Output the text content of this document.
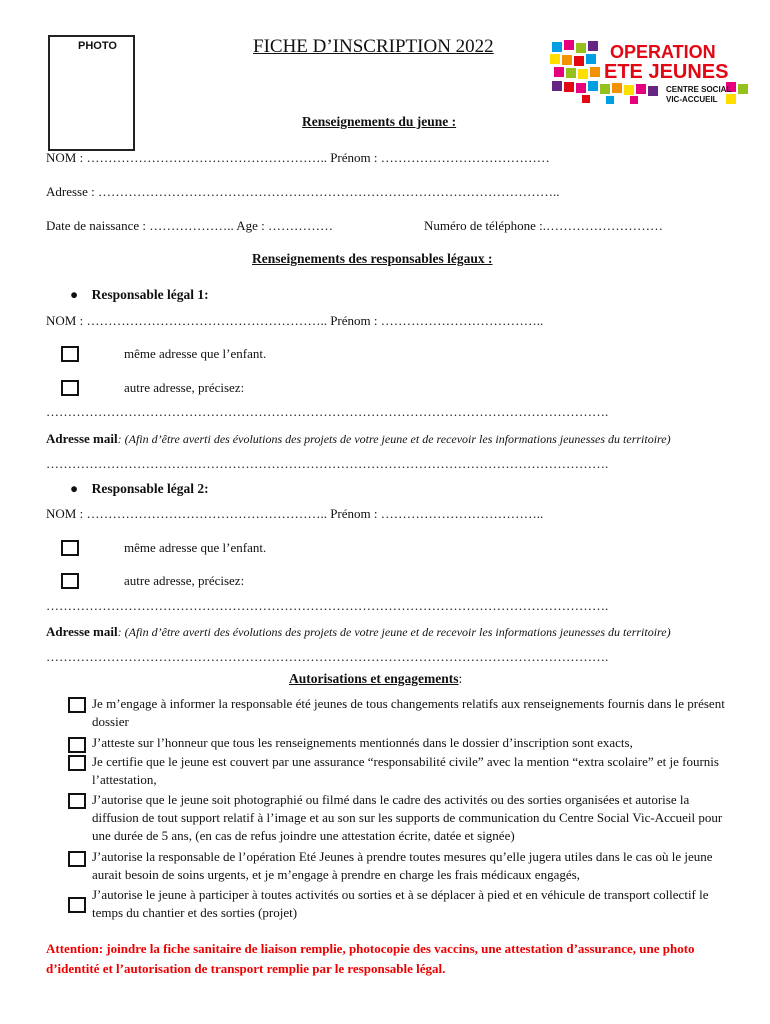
PHOTO	FICHE D’INSCRIPTION 2022	OPERATION
ETE JEUNES
CENTRE SOCIAL
VIC-ACCUEIL
Renseignements du jeune :
NOM : ……………………………………………….. Prénom : …………………………………
Adresse : ……………………………………………………………………………………………..
Date de naissance : ……………….. Age : ……………	Numéro de téléphone :.………………………
Renseignements des responsables légaux :
●    Responsable légal 1:
NOM : ……………………………………………….. Prénom : ………………………………..
même adresse que l’enfant.
autre adresse, précisez:
………………………………………………………………………………………………………………….
Adresse mail: (Afin d’être averti des évolutions des projets de votre jeune et de recevoir les informations jeunesses du territoire)
………………………………………………………………………………………………………………….
●    Responsable légal 2:
NOM : ……………………………………………….. Prénom : ………………………………..
même adresse que l’enfant.
autre adresse, précisez:
………………………………………………………………………………………………………………….
Adresse mail: (Afin d’être averti des évolutions des projets de votre jeune et de recevoir les informations jeunesses du territoire)
………………………………………………………………………………………………………………….
Autorisations et engagements:
Je m’engage à informer la responsable été jeunes de tous changements relatifs aux renseignements fournis dans le présent dossier
J’atteste sur l’honneur que tous les renseignements mentionnés dans le dossier d’inscription sont exacts,
Je certifie que le jeune est couvert par une assurance “responsabilité civile” avec la mention “extra scolaire” et je fournis l’attestation,
J’autorise que le jeune soit photographié ou filmé dans le cadre des activités ou des sorties organisées et autorise la diffusion de tout support relatif à l’image et au son sur les supports de communication du Centre Social Vic-Accueil pour une durée de 5 ans, (en cas de refus joindre une attestation écrite, datée et signée)
J’autorise la responsable de l’opération Eté Jeunes à prendre toutes mesures qu’elle jugera utiles dans le cas où le jeune aurait besoin de soins urgents, et je m’engage à prendre en charge les frais médicaux engagés,
J’autorise le jeune à participer à toutes activités ou sorties et à se déplacer à pied et en véhicule de transport collectif le temps du chantier et des sorties (projet)
Attention: joindre la fiche sanitaire de liaison remplie, photocopie des vaccins, une attestation d’assurance, une photo d’identité et l’autorisation de transport remplie par le responsable légal.
